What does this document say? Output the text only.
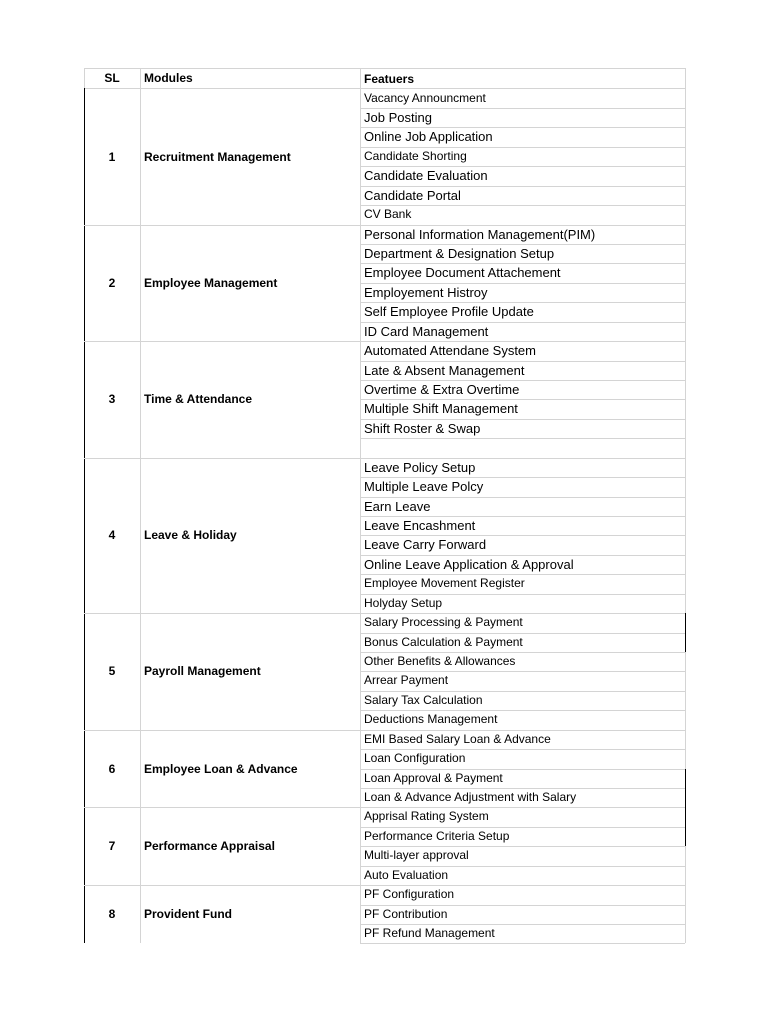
SL	Modules	Featuers
1	Recruitment Management
Vacancy Announcment
Job Posting
Online Job Application
Candidate Shorting
Candidate Evaluation
Candidate Portal
CV Bank
2	Employee Management
Personal Information Management(PIM)
Department & Designation Setup
Employee Document Attachement
Employement Histroy
Self Employee Profile Update
ID Card Management
3	Time & Attendance
Automated Attendane System
Late & Absent Management
Overtime & Extra Overtime
Multiple Shift Management
Shift Roster & Swap
4	Leave & Holiday
Leave Policy Setup
Multiple Leave Polcy
Earn Leave
Leave Encashment
Leave Carry Forward
Online Leave Application & Approval
Employee Movement Register
Holyday Setup
5	Payroll Management
Salary Processing & Payment
Bonus Calculation & Payment
Other Benefits & Allowances
Arrear Payment
Salary Tax Calculation
Deductions Management
6	Employee Loan & Advance
EMI Based Salary Loan & Advance
Loan Configuration
Loan Approval & Payment
Loan & Advance Adjustment with Salary
7	Performance Appraisal
Apprisal Rating System
Performance Criteria Setup
Multi-layer approval
Auto Evaluation
8	Provident Fund
PF Configuration
PF Contribution
PF Refund Management
